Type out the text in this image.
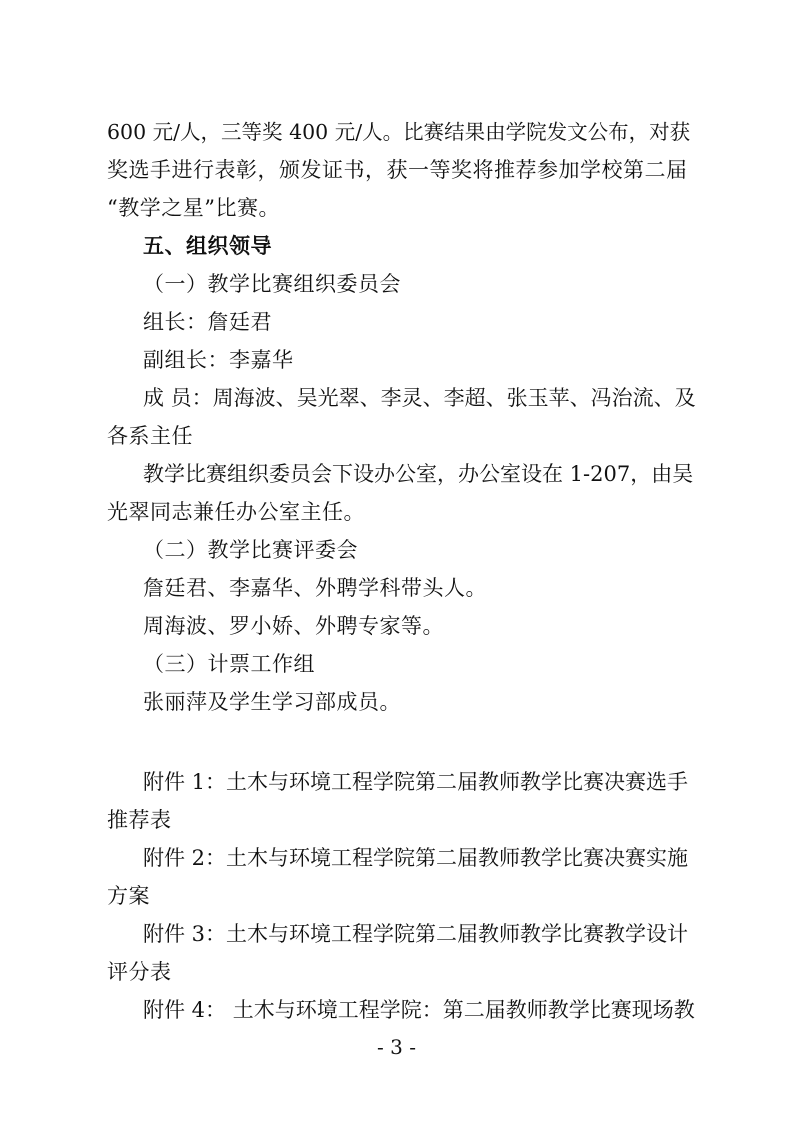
600 元/人，三等奖 400 元/人。比赛结果由学院发文公布，对获
奖选手进行表彰，颁发证书，获一等奖将推荐参加学校第二届
“教学之星”比赛。
五、组织领导
（一）教学比赛组织委员会
组长：詹廷君
副组长：李嘉华
成 员：周海波、吴光翠、李灵、李超、张玉苹、冯治流、及
各系主任
教学比赛组织委员会下设办公室，办公室设在 1-207，由吴
光翠同志兼任办公室主任。
（二）教学比赛评委会
詹廷君、李嘉华、外聘学科带头人。
周海波、罗小娇、外聘专家等。
（三）计票工作组
张丽萍及学生学习部成员。
附件 1：土木与环境工程学院第二届教师教学比赛决赛选手
推荐表
附件 2：土木与环境工程学院第二届教师教学比赛决赛实施
方案
附件 3：土木与环境工程学院第二届教师教学比赛教学设计
评分表
附件 4： 土木与环境工程学院：第二届教师教学比赛现场教
- 3 -
